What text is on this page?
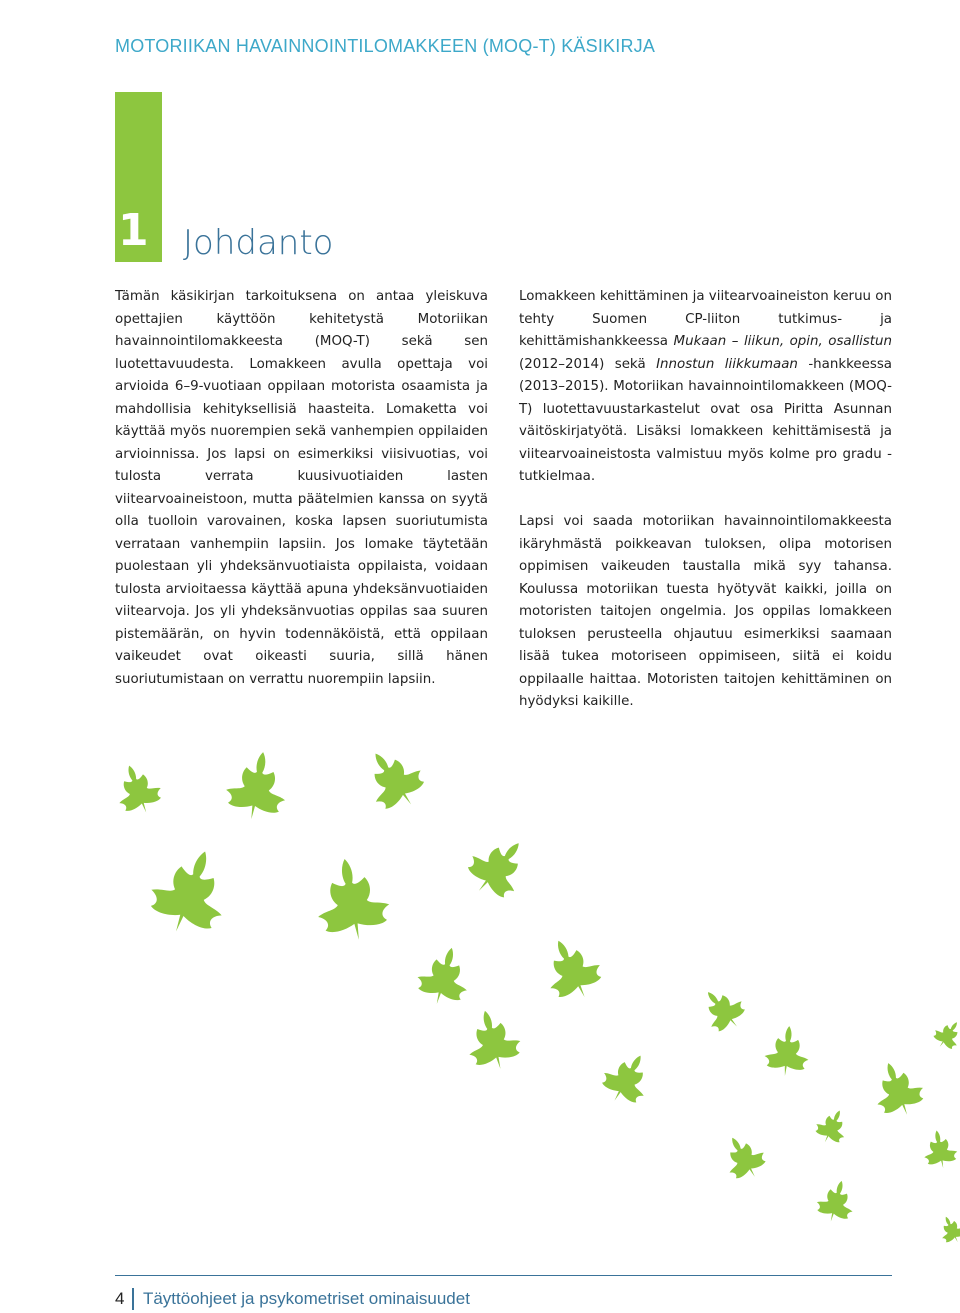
MOTORIIKAN HAVAINNOINTILOMAKKEEN (MOQ-T) KÄSIKIRJA
1 Johdanto

Tämän käsikirjan tarkoituksena on antaa yleiskuva opettajien käyttöön kehitetystä Motoriikan havainnointilomakkeesta (MOQ-T) sekä sen luotettavuudesta. Lomakkeen avulla opettaja voi arvioida 6–9-vuotiaan oppilaan motorista osaamista ja mahdollisia kehityksellisiä haasteita. Lomaketta voi käyttää myös nuorempien sekä vanhempien oppilaiden arvioinnissa. Jos lapsi on esimerkiksi viisivuotias, voi tulosta verrata kuusivuotiaiden lasten viitearvoaineistoon, mutta päätelmien kanssa on syytä olla tuolloin varovainen, koska lapsen suoriutumista verrataan vanhempiin lapsiin. Jos lomake täytetään puolestaan yli yhdeksänvuotiaista oppilaista, voidaan tulosta arvioitaessa käyttää apuna yhdeksänvuotiaiden viitearvoja. Jos yli yhdeksänvuotias oppilas saa suuren pistemäärän, on hyvin todennäköistä, että oppilaan vaikeudet ovat oikeasti suuria, sillä hänen suoriutumistaan on verrattu nuorempiin lapsiin.

Lomakkeen kehittäminen ja viitearvoaineiston keruu on tehty Suomen CP-liiton tutkimus- ja kehittämishankkeessa Mukaan – liikun, opin, osallistun (2012–2014) sekä Innostun liikkumaan -hankkeessa (2013–2015). Motoriikan havainnointilomakkeen (MOQ-T) luotettavuustarkastelut ovat osa Piritta Asunnan väitöskirjatyötä. Lisäksi lomakkeen kehittämisestä ja viitearvoaineistosta valmistuu myös kolme pro gradu -tutkielmaa.

Lapsi voi saada motoriikan havainnointilomakkeesta ikäryhmästä poikkeavan tuloksen, olipa motorisen oppimisen vaikeuden taustalla mikä syy tahansa. Koulussa motoriikan tuesta hyötyvät kaikki, joilla on motoristen taitojen ongelmia. Jos oppilas lomakkeen tuloksen perusteella ohjautuu esimerkiksi saamaan lisää tukea motoriseen oppimiseen, siitä ei koidu oppilaalle haittaa. Motoristen taitojen kehittäminen on hyödyksi kaikille.

4 Täyttöohjeet ja psykometriset ominaisuudet
